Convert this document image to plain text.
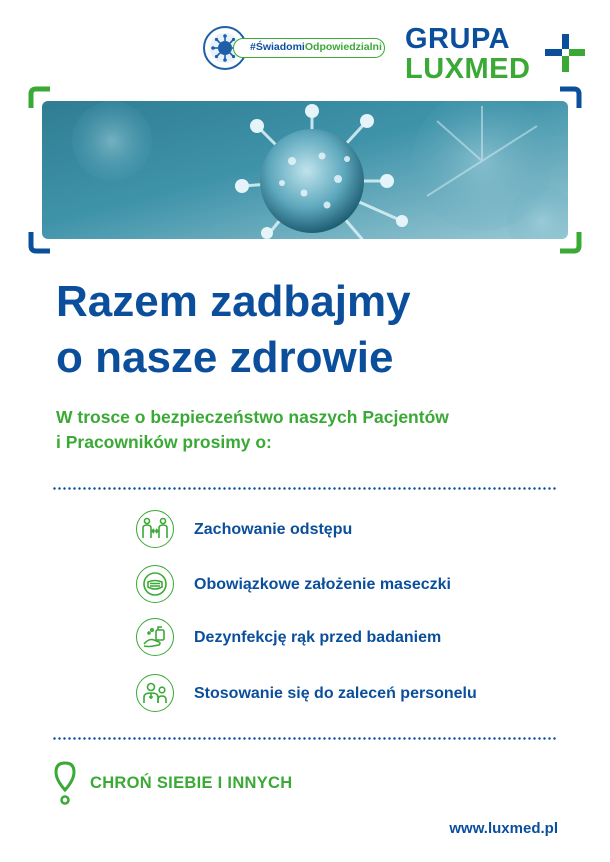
#ŚwiadomiOdpowiedzialni GRUPA
LUXMED
Razem zadbajmy
o nasze zdrowie
W trosce o bezpieczeństwo naszych Pacjentów
i Pracowników prosimy o:
Zachowanie odstępu
Obowiązkowe założenie maseczki
Dezynfekcję rąk przed badaniem
Stosowanie się do zaleceń personelu
CHROŃ SIEBIE I INNYCH
www.luxmed.pl
